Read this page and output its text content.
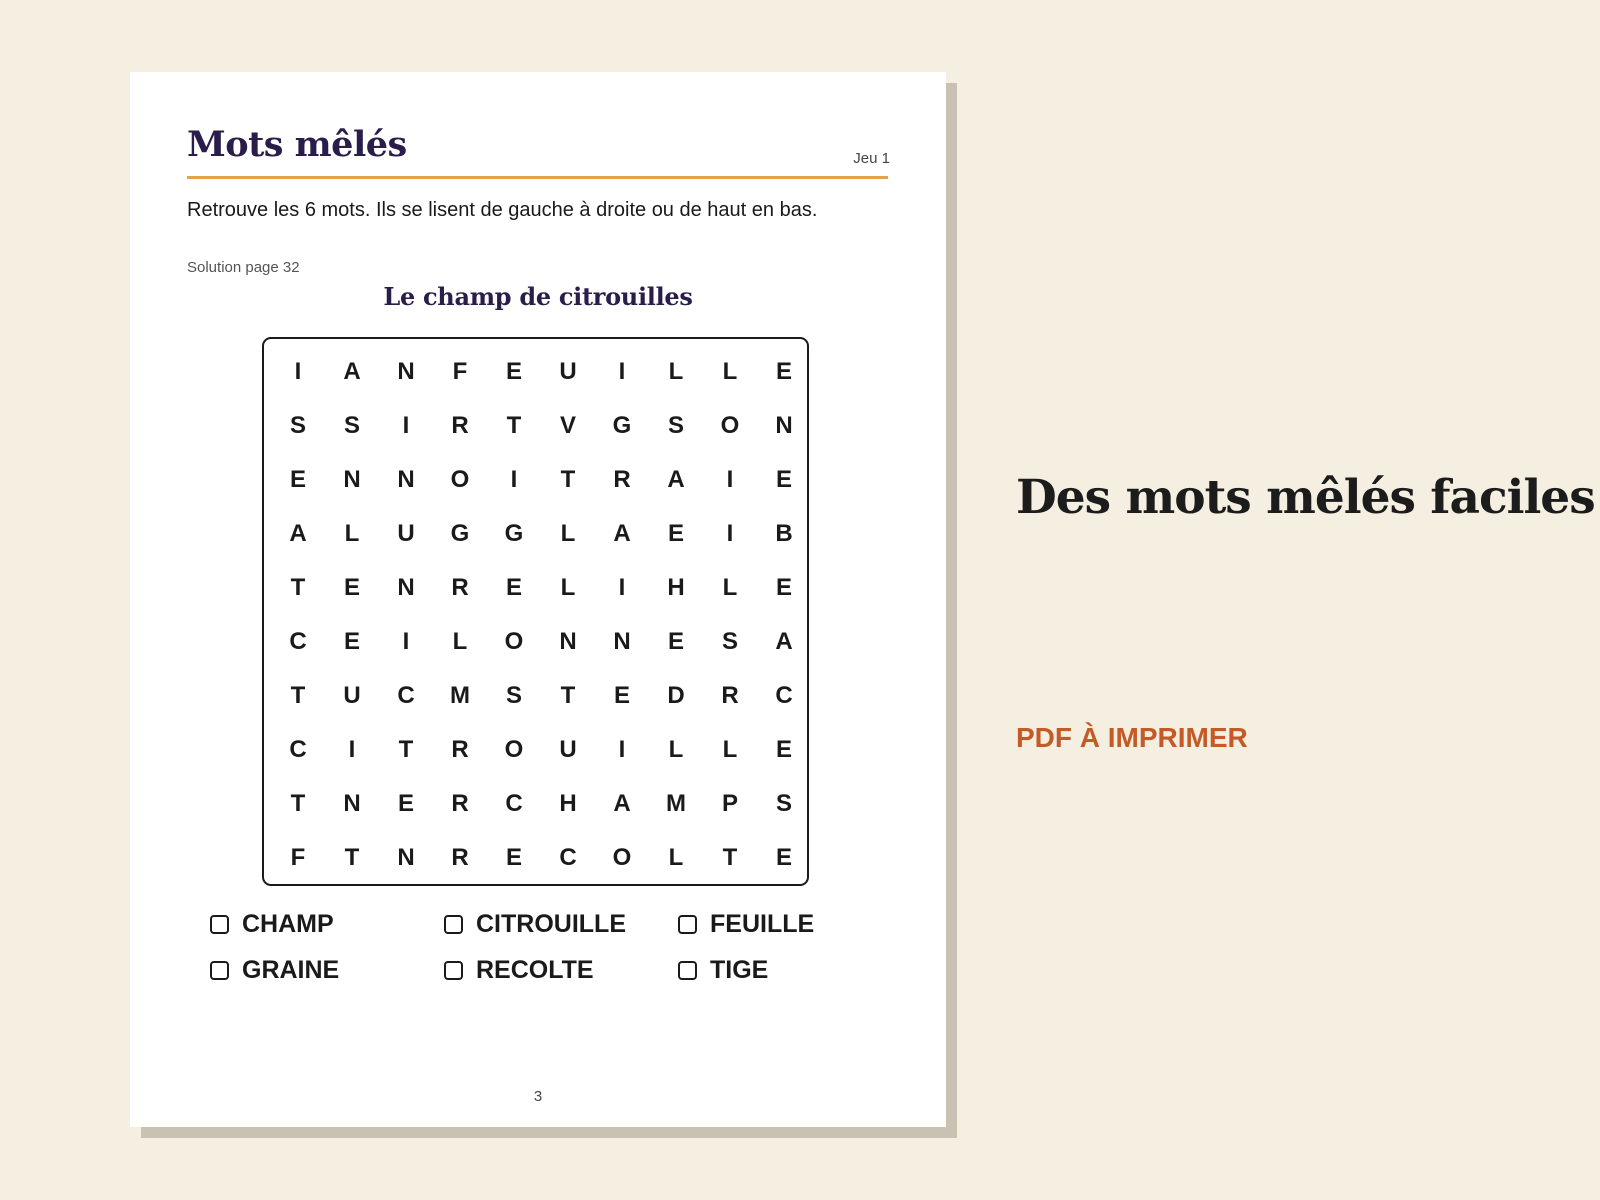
Mots mêlés	Jeu 1
Retrouve les 6 mots. Ils se lisent de gauche à droite ou de haut en bas.
Solution page 32
Le champ de citrouilles
I	A	N	F	E	U	I	L	L	E
S	S	I	R	T	V	G	S	O	N
E	N	N	O	I	T	R	A	I	E
A	L	U	G	G	L	A	E	I	B
T	E	N	R	E	L	I	H	L	E
C	E	I	L	O	N	N	E	S	A
T	U	C	M	S	T	E	D	R	C
C	I	T	R	O	U	I	L	L	E
T	N	E	R	C	H	A	M	P	S
F	T	N	R	E	C	O	L	T	E
CHAMP	CITROUILLE	FEUILLE
GRAINE	RECOLTE	TIGE
3
Des mots mêlés faciles
PDF À IMPRIMER
